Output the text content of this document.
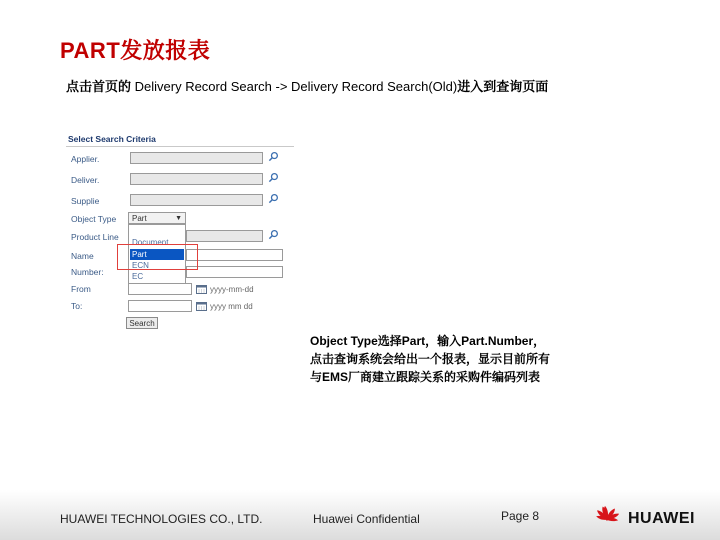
PART发放报表
点击首页的 Delivery Record Search -> Delivery Record Search(Old)进入到查询页面
Select Search Criteria
Applier.
Deliver.
Supplie
Object Type	Part	▼
Document
Part
ECN
EC
Product Line
Name
Number:
From	yyyy-mm-dd
To:	yyyy mm dd
Search
Object Type选择Part，输入Part.Number，
点击查询系统会给出一个报表，显示目前所有
与EMS厂商建立跟踪关系的采购件编码列表
HUAWEI TECHNOLOGIES CO., LTD.	Huawei Confidential	Page 8	HUAWEI
